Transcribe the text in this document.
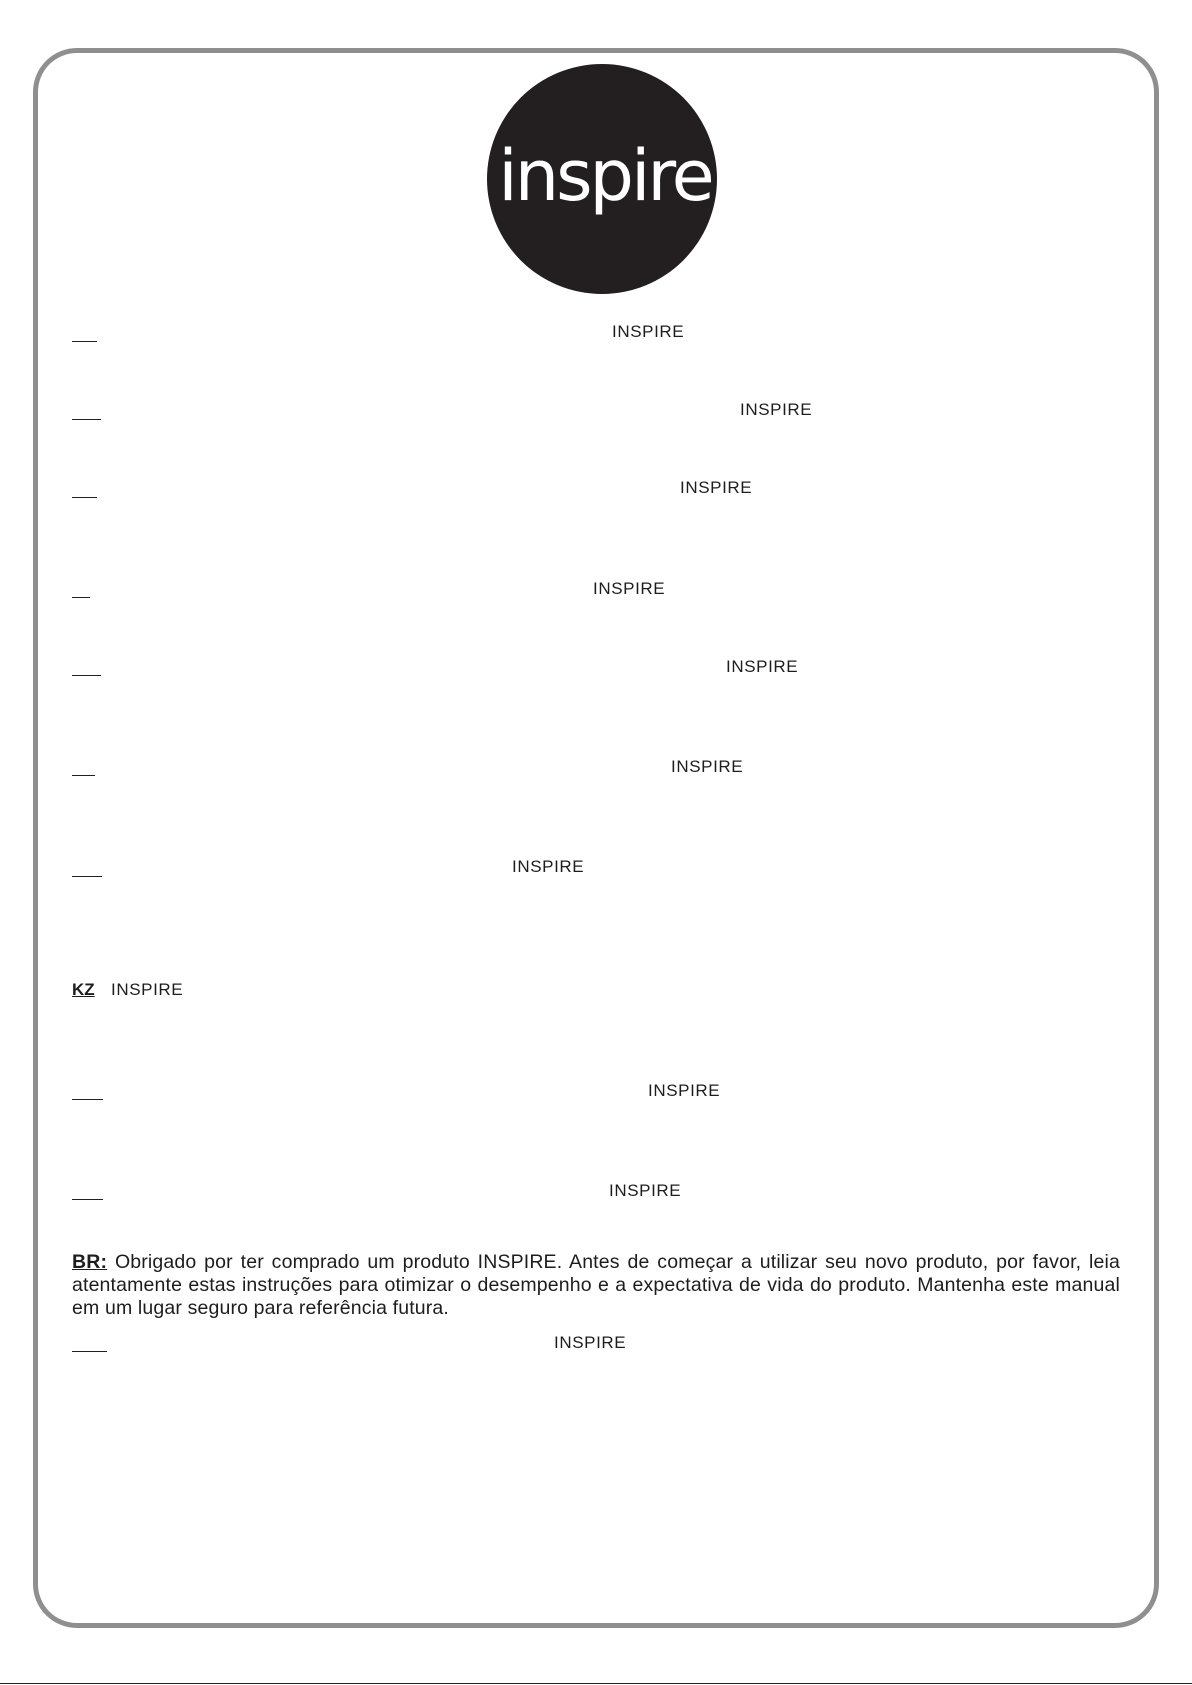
inspire
INSPIRE
INSPIRE
INSPIRE
INSPIRE
INSPIRE
INSPIRE
INSPIRE
KZ INSPIRE
INSPIRE
INSPIRE

BR: Obrigado por ter comprado um produto INSPIRE. Antes de começar a utilizar seu novo produto, por favor, leia atentamente estas instruções para otimizar o desempenho e a expectativa de vida do produto. Mantenha este manual em um lugar seguro para referência futura.

INSPIRE
